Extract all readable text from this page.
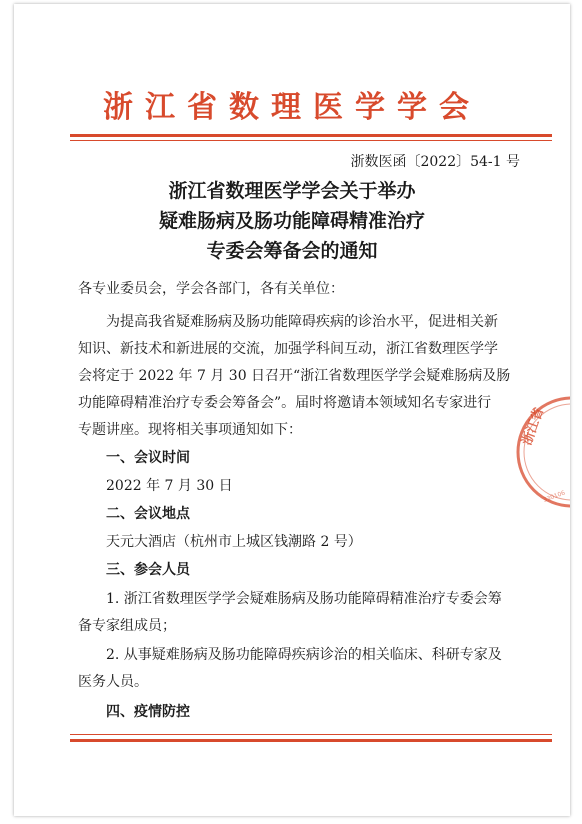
浙江省数理医学学会
浙数医函〔2022〕54-1 号
浙江省数理医学学会关于举办
疑难肠病及肠功能障碍精准治疗
专委会筹备会的通知
各专业委员会，学会各部门，各有关单位：
为提高我省疑难肠病及肠功能障碍疾病的诊治水平，促进相关新
知识、新技术和新进展的交流，加强学科间互动，浙江省数理医学学
会将定于 2022 年 7 月 30 日召开“浙江省数理医学学会疑难肠病及肠
功能障碍精准治疗专委会筹备会”。届时将邀请本领域知名专家进行
专题讲座。现将相关事项通知如下：
一、会议时间
2022 年 7 月 30 日
二、会议地点
天元大酒店（杭州市上城区钱潮路 2 号）
三、参会人员
1. 浙江省数理医学学会疑难肠病及肠功能障碍精准治疗专委会筹
备专家组成员；
2. 从事疑难肠病及肠功能障碍疾病诊治的相关临床、科研专家及
医务人员。
四、疫情防控
浙江省
330106
